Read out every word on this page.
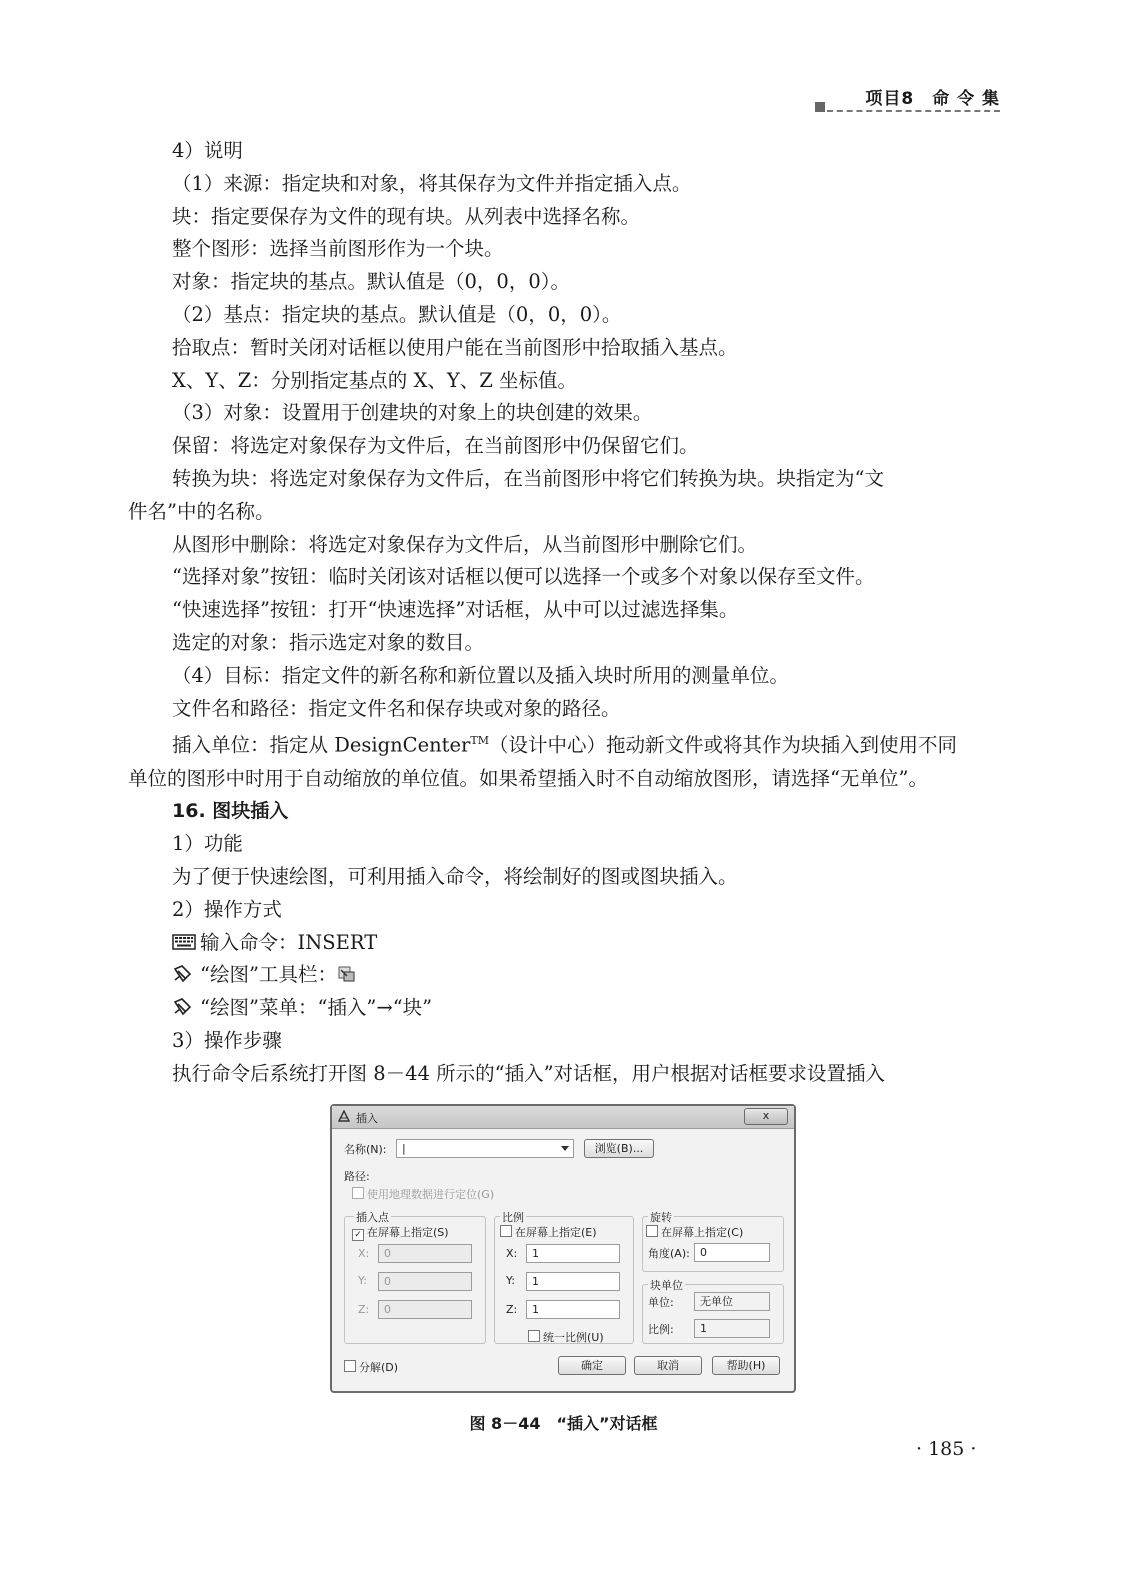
项目8　命 令 集

4）说明

（1）来源：指定块和对象，将其保存为文件并指定插入点。

块：指定要保存为文件的现有块。从列表中选择名称。

整个图形：选择当前图形作为一个块。

对象：指定块的基点。默认值是（0，0，0）。

（2）基点：指定块的基点。默认值是（0，0，0）。

拾取点：暂时关闭对话框以使用户能在当前图形中拾取插入基点。

X、Y、Z：分别指定基点的 X、Y、Z 坐标值。

（3）对象：设置用于创建块的对象上的块创建的效果。

保留：将选定对象保存为文件后，在当前图形中仍保留它们。

转换为块：将选定对象保存为文件后，在当前图形中将它们转换为块。块指定为“文

件名”中的名称。

从图形中删除：将选定对象保存为文件后，从当前图形中删除它们。

“选择对象”按钮：临时关闭该对话框以便可以选择一个或多个对象以保存至文件。

“快速选择”按钮：打开“快速选择”对话框，从中可以过滤选择集。

选定的对象：指示选定对象的数目。

（4）目标：指定文件的新名称和新位置以及插入块时所用的测量单位。

文件名和路径：指定文件名和保存块或对象的路径。

插入单位：指定从 DesignCenter™（设计中心）拖动新文件或将其作为块插入到使用不同

单位的图形中时用于自动缩放的单位值。如果希望插入时不自动缩放图形，请选择“无单位”。

16. 图块插入

1）功能

为了便于快速绘图，可利用插入命令，将绘制好的图或图块插入。

2）操作方式

输入命令：INSERT

“绘图”工具栏：

“绘图”菜单：“插入”→“块”

3）操作步骤

执行命令后系统打开图 8－44 所示的“插入”对话框，用户根据对话框要求设置插入

插入	x
名称(N):	|	浏览(B)...
路径:
使用地理数据进行定位(G)
插入点
✓ 在屏幕上指定(S)
X:	0
Y:	0
Z:	0
比例
在屏幕上指定(E)
X:	1
Y:	1
Z:	1
统一比例(U)
旋转
在屏幕上指定(C)
角度(A): 0
块单位
单位:	无单位
比例:	1
分解(D)	确定	取消	帮助(H)
图 8－44　“插入”对话框
· 185 ·
